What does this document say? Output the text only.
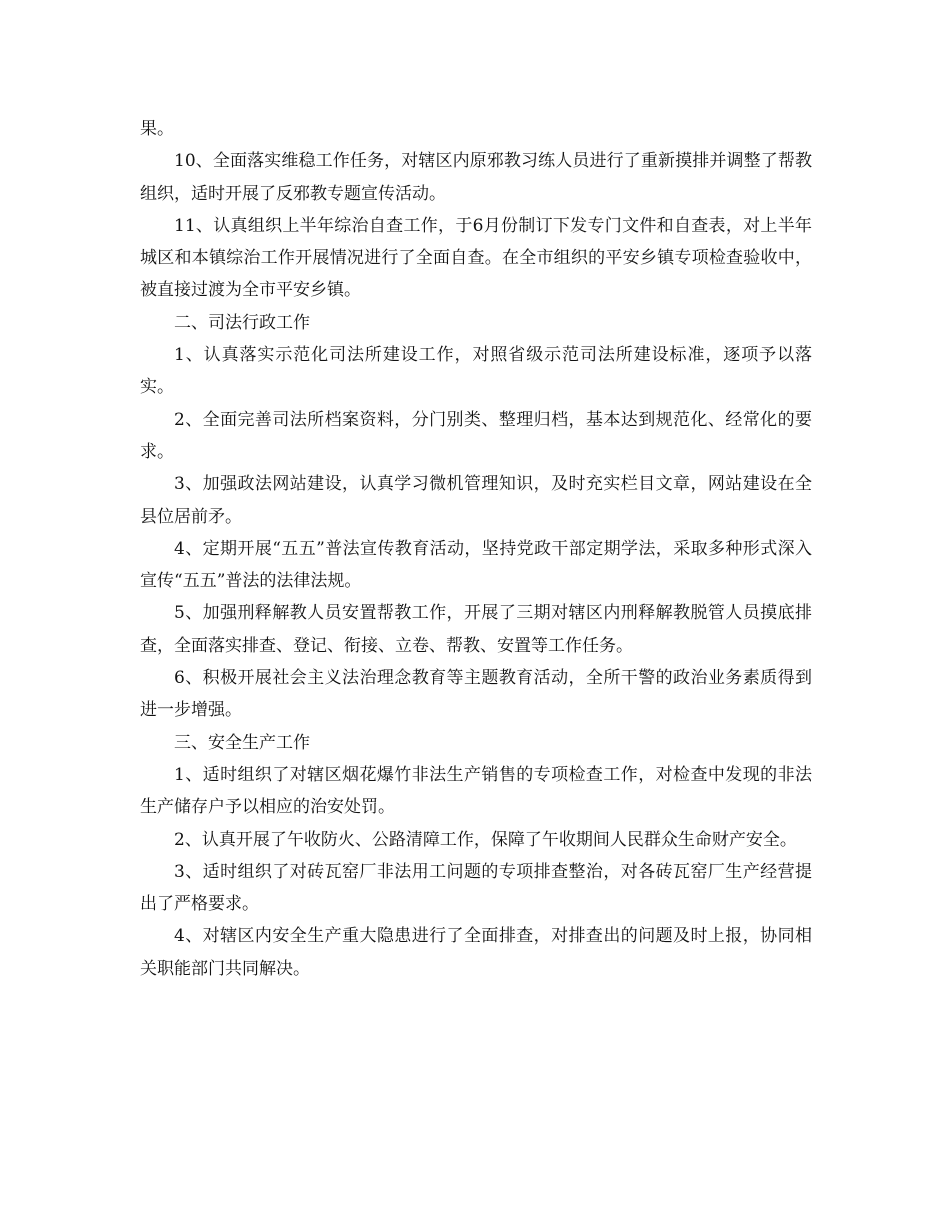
果。

10、全面落实维稳工作任务，对辖区内原邪教习练人员进行了重新摸排并调整了帮教组织，适时开展了反邪教专题宣传活动。

11、认真组织上半年综治自查工作，于6月份制订下发专门文件和自查表，对上半年城区和本镇综治工作开展情况进行了全面自查。在全市组织的平安乡镇专项检查验收中，被直接过渡为全市平安乡镇。

二、司法行政工作

1、认真落实示范化司法所建设工作，对照省级示范司法所建设标准，逐项予以落实。

2、全面完善司法所档案资料，分门别类、整理归档，基本达到规范化、经常化的要求。

3、加强政法网站建设，认真学习微机管理知识，及时充实栏目文章，网站建设在全县位居前矛。

4、定期开展“五五”普法宣传教育活动，坚持党政干部定期学法，采取多种形式深入宣传“五五”普法的法律法规。

5、加强刑释解教人员安置帮教工作，开展了三期对辖区内刑释解教脱管人员摸底排查，全面落实排查、登记、衔接、立卷、帮教、安置等工作任务。

6、积极开展社会主义法治理念教育等主题教育活动，全所干警的政治业务素质得到进一步增强。

三、安全生产工作

1、适时组织了对辖区烟花爆竹非法生产销售的专项检查工作，对检查中发现的非法生产储存户予以相应的治安处罚。

2、认真开展了午收防火、公路清障工作，保障了午收期间人民群众生命财产安全。

3、适时组织了对砖瓦窑厂非法用工问题的专项排查整治，对各砖瓦窑厂生产经营提出了严格要求。

4、对辖区内安全生产重大隐患进行了全面排查，对排查出的问题及时上报，协同相关职能部门共同解决。
